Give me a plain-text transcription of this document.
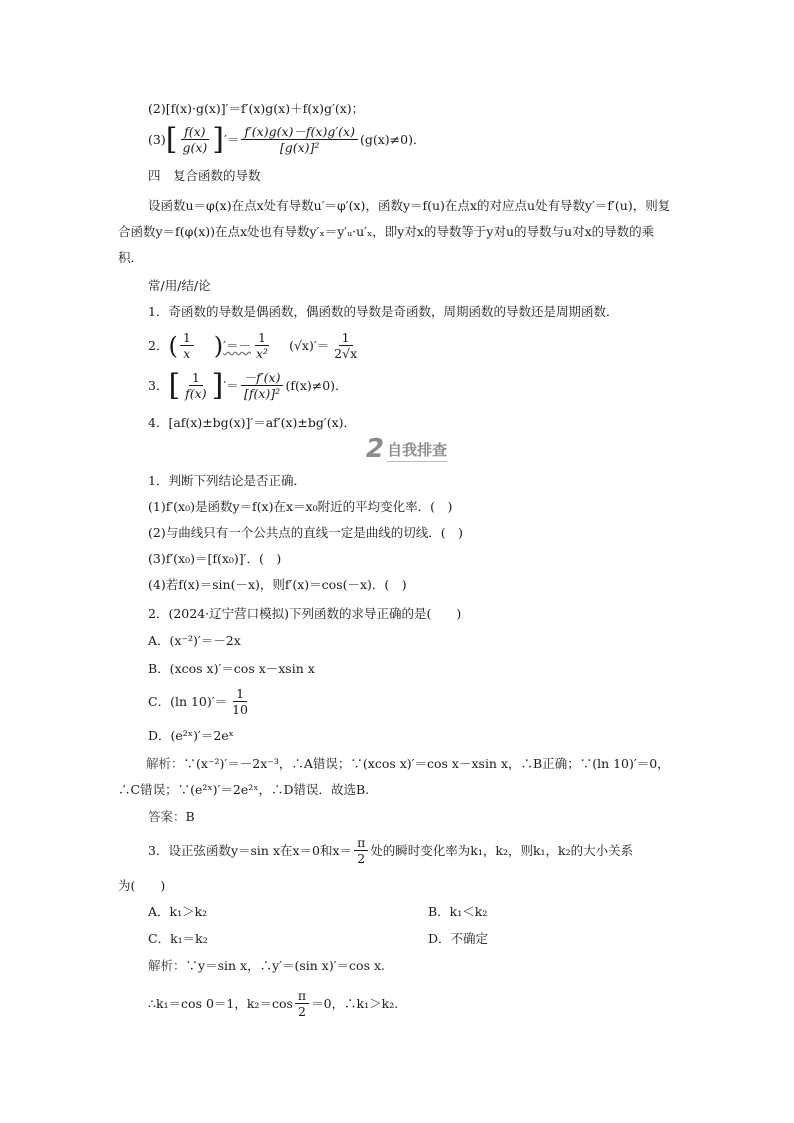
(2)[f(x)·g(x)]′＝f′(x)g(x)＋f(x)g′(x)；
(3) [ $\frac{f(x)}{g(x)}$ ] ′＝ $\frac{f'(x)g(x)-f(x)g'(x)}{\text{[g(x)]²}} (g(x)\ne 0)$．
四　复合函数的导数
设函数u＝φ(x)在点x处有导数u′＝φ′(x)，函数y＝f(u)在点x的对应点u处有导数y′＝f′(u)，则复合函数y＝f(φ(x))在点x处也有导数y′ₓ＝y′ᵤ·u′ₓ，即y对x的导数等于y对u的导数与u对x的导数的乘积．
常/用/结/论
1．奇函数的导数是偶函数，偶函数的导数是奇函数，周期函数的导数还是周期函数．
2． ( $\frac{1}{x}$ ) ′＝－ $\frac{1}{\text{x²}} (√x)'= \frac{1}{2√x}$
3． [ $\frac{1}{f(x)}$ ] ′＝ $\frac{-f'(x)}{\text{[f(x)]²}} (f(x)\ne 0)$．
4．[af(x)±bg(x)]′＝af′(x)±bg′(x)．
2 自我排查
1．判断下列结论是否正确．
(1)f′(x₀)是函数y＝f(x)在x＝x₀附近的平均变化率．(　)
(2)与曲线只有一个公共点的直线一定是曲线的切线．(　)
(3)f′(x₀)＝[f(x₀)]′．(　)
(4)若f(x)＝sin(－x)，则f′(x)＝cos(－x)．(　)
2．(2024·辽宁营口模拟)下列函数的求导正确的是(　　)
A．(x⁻²)′＝－2x
B．(xcos x)′＝cos x－xsin x
C．(ln $10)'= \frac{1}{10}$
D．(e²ˣ)′＝2eˣ
解析：∵(x⁻²)′＝－2x⁻³，∴A错误；∵(xcos x)′＝cos x－xsin x，∴B正确；∵(ln 10)′＝0，∴C错误；∵(e²ˣ)′＝2e²ˣ，∴D错误．故选B.
答案：B
3．设正弦函数y＝sin x在x＝0和$x= \frac{\pi}{2}$ 处的瞬时变化率为k₁，k₂，则k₁，k₂的大小关系
为(　　)
A．k₁＞k₂	B．k₁＜k₂
C．k₁＝k₂	D．不确定
解析：∵y＝sin x，∴y′＝(sin x)′＝cos x.
∴k₁＝cos 0＝1，$k_2=\cos \frac{\pi}{2} =0$，∴k₁＞k₂.
